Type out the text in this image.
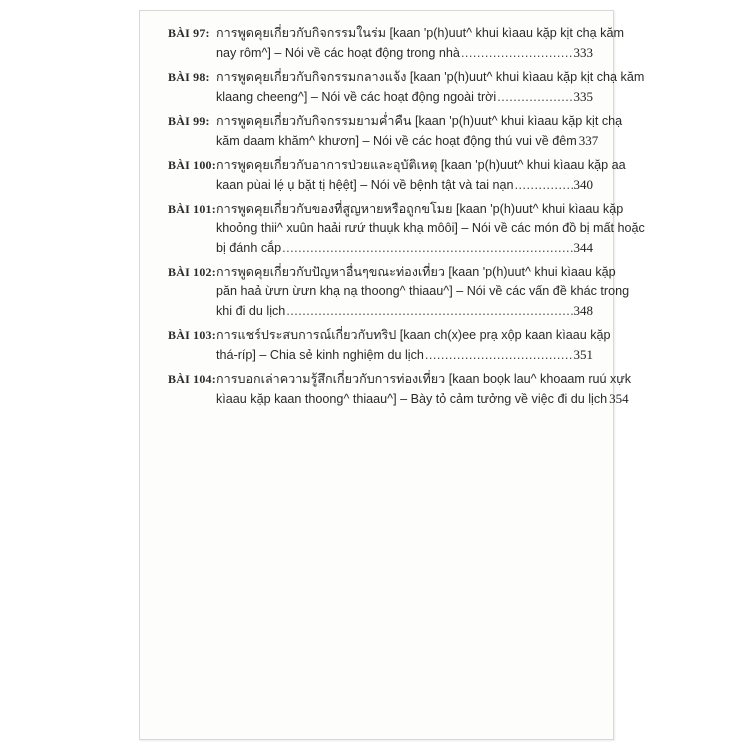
BÀI 97: การพูดคุยเกี่ยวกับกิจกรรมในร่ม [kaan 'p(h)uut^ khui kìaau kặp kịt chạ kăm
nay rôm^] – Nói về các hoạt động trong nhà .....	333
BÀI 98: การพูดคุยเกี่ยวกับกิจกรรมกลางแจ้ง [kaan 'p(h)uut^ khui kìaau kặp kịt chạ kăm
klaang cheeng^] – Nói về các hoạt động ngoài trời .....	335
BÀI 99: การพูดคุยเกี่ยวกับกิจกรรมยามค่ำคืน [kaan 'p(h)uut^ khui kìaau kặp kịt chạ
kăm daam khăm^ khươn] – Nói về các hoạt động thú vui về đêm 337
BÀI 100: การพูดคุยเกี่ยวกับอาการป่วยและอุบัติเหตุ [kaan 'p(h)uut^ khui kìaau kặp aa
kaan pùai lẹ́ ụ bặt tị hệệt] – Nói về bệnh tật và tai nạn .....	340
BÀI 101: การพูดคุยเกี่ยวกับของที่สูญหายหรือถูกขโมย [kaan 'p(h)uut^ khui kìaau kặp
khoỏng thii^ xuûn haải rưứ thuụk khạ môôi] – Nói về các món đồ bị mất hoặc
bị đánh cắp .....	344
BÀI 102: การพูดคุยเกี่ยวกับปัญหาอื่นๆขณะท่องเที่ยว [kaan 'p(h)uut^ khui kìaau kặp
păn haả ừưn ừưn khạ nạ thoong^ thiaau^] – Nói về các vấn đề khác trong
khi đi du lịch .....	348
BÀI 103: การแชร์ประสบการณ์เกี่ยวกับทริป [kaan ch(x)ee prạ xộp kaan kìaau kặp
thá-ríp] – Chia sẻ kinh nghiệm du lịch .....	351
BÀI 104: การบอกเล่าความรู้สึกเกี่ยวกับการท่องเที่ยว [kaan boọk lau^ khoaam ruú xựk
kìaau kặp kaan thoong^ thiaau^] – Bày tỏ cảm tưởng về việc đi du lịch 354
